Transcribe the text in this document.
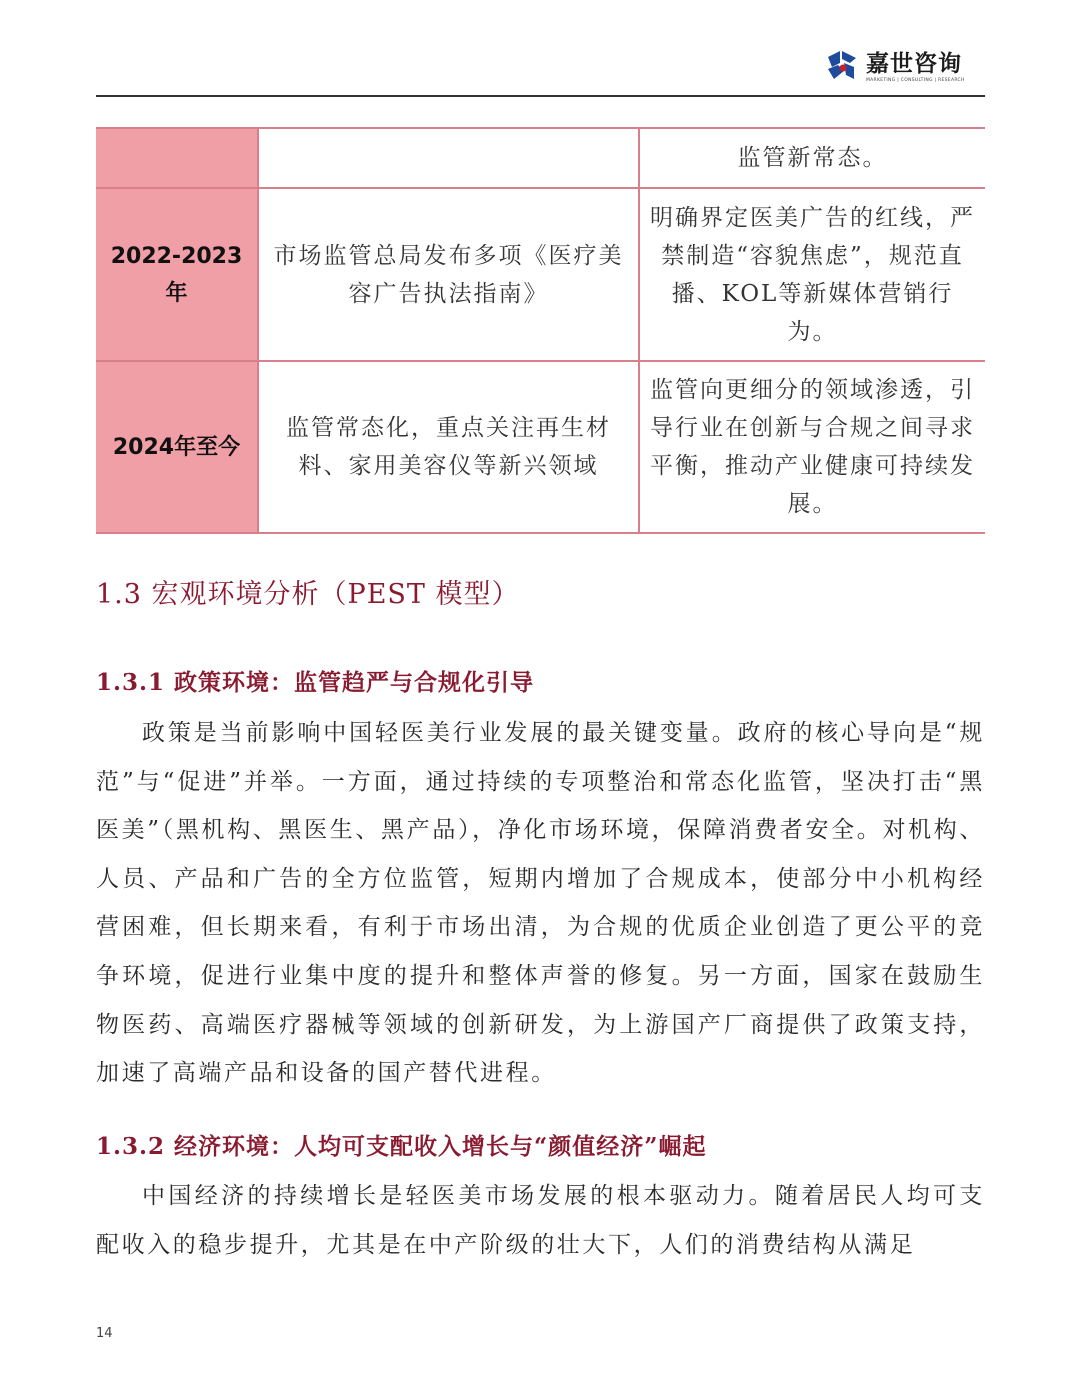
嘉世咨询
MARKETING | CONSULTING | RESEARCH
		监管新常态。
2022-2023年	市场监管总局发布多项《医疗美容广告执法指南》	明确界定医美广告的红线，严禁制造“容貌焦虑”，规范直播、KOL等新媒体营销行为。
2024年至今	监管常态化，重点关注再生材料、家用美容仪等新兴领域	监管向更细分的领域渗透，引导行业在创新与合规之间寻求平衡，推动产业健康可持续发展。
1.3 宏观环境分析（PEST 模型）
1.3.1 政策环境：监管趋严与合规化引导

政策是当前影响中国轻医美行业发展的最关键变量。政府的核心导向是“规范”与“促进”并举。一方面，通过持续的专项整治和常态化监管，坚决打击“黑医美”（黑机构、黑医生、黑产品），净化市场环境，保障消费者安全。对机构、人员、产品和广告的全方位监管，短期内增加了合规成本，使部分中小机构经营困难，但长期来看，有利于市场出清，为合规的优质企业创造了更公平的竞争环境，促进行业集中度的提升和整体声誉的修复。另一方面，国家在鼓励生物医药、高端医疗器械等领域的创新研发，为上游国产厂商提供了政策支持，加速了高端产品和设备的国产替代进程。

1.3.2 经济环境：人均可支配收入增长与“颜值经济”崛起

中国经济的持续增长是轻医美市场发展的根本驱动力。随着居民人均可支配收入的稳步提升，尤其是在中产阶级的壮大下，人们的消费结构从满足

14
